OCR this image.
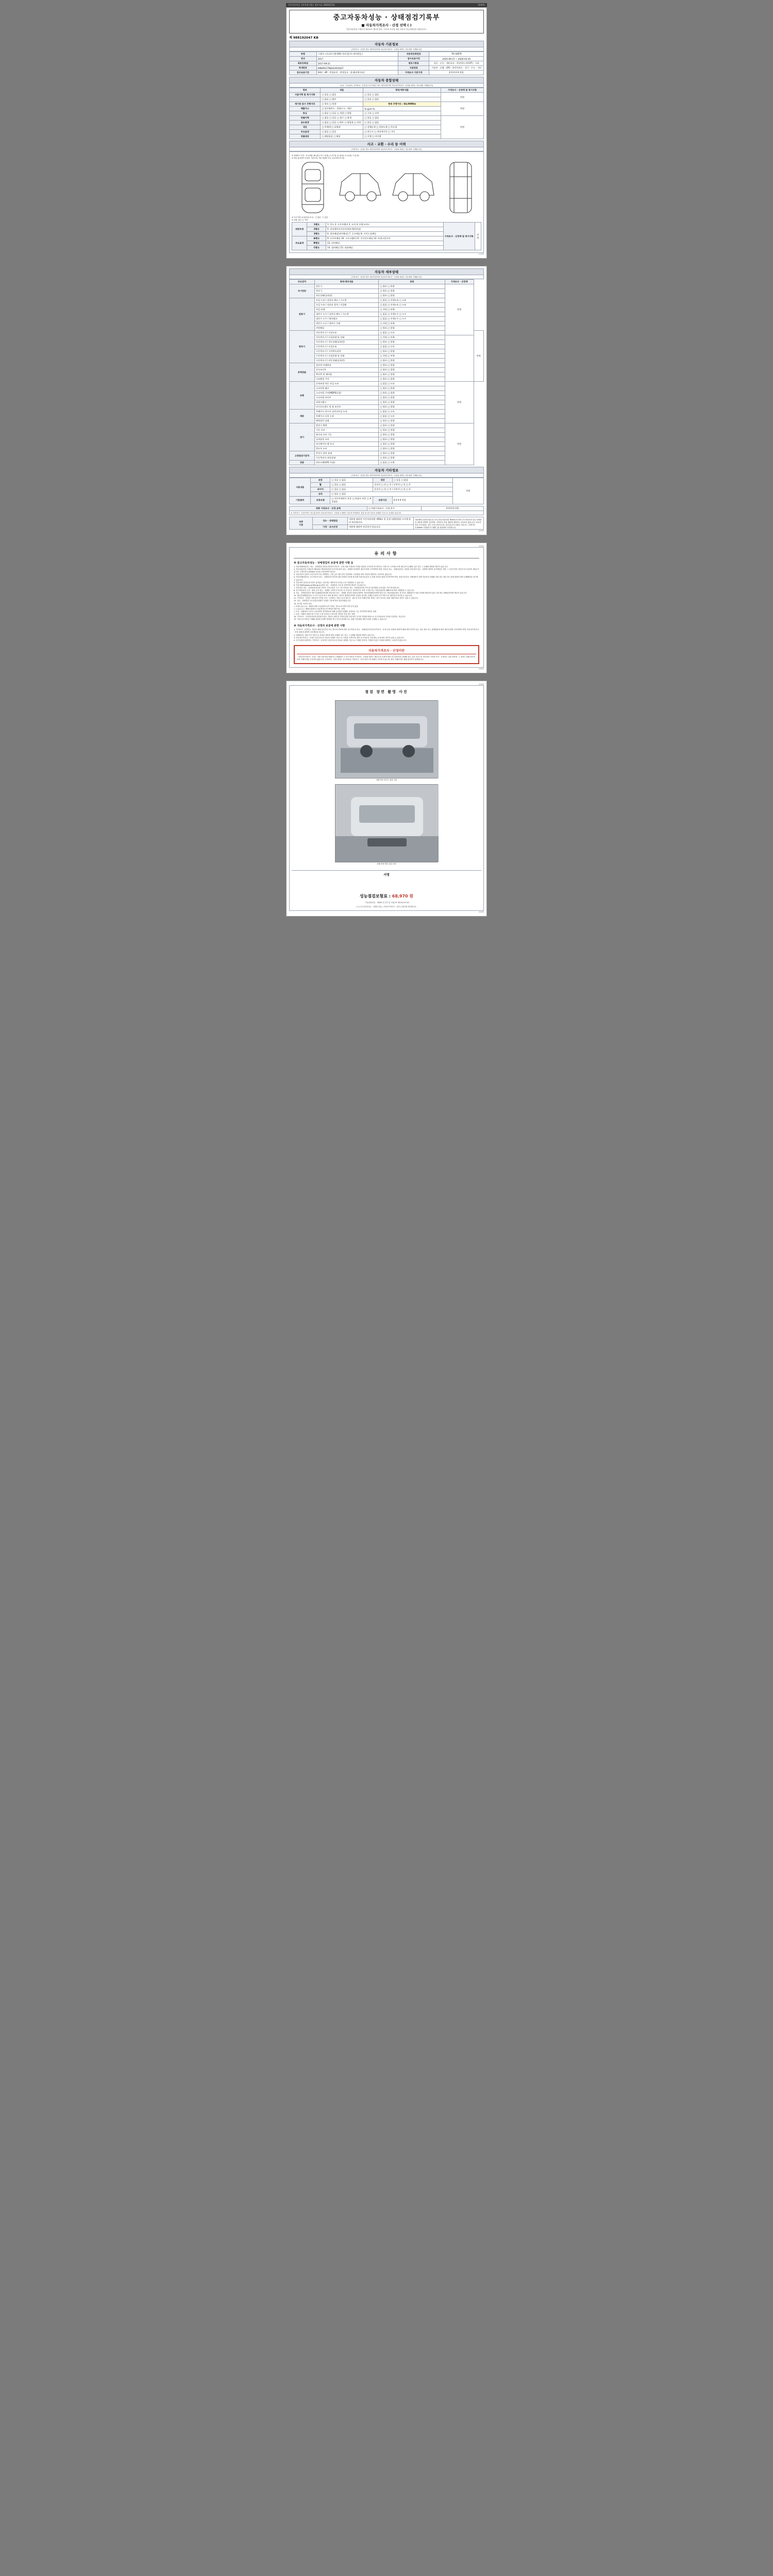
자동차등록증 사본보관 (별도 첨부서류 2020/1/13)	(1/4면)
중고자동차성능 · 상태점검기록부
■ 자동차가격조사 · 산정 선택 ( )
자동차관리법 시행규칙 제120조 제1항 관련 / 소비자 보호를 위한 자동차 성능상태점검 내용입니다.
제 988192047 KB
자동차 기본정보
(가격조사 · 산정은 별도 계약사항이며 자동차가격조사 · 산정을 원하는 경우에만 기재합니다)
차명	그랜저 스포츠(그랜저HG 산타일(구)-내비형일.)	자동차등록번호	76서4879
연식	2017	검사유효기간	2025-09-21 ~ 2026-03-30
최초등록일	2017-09-21	변속기종류	자동 · 수동 · 세미오토 · 무단변속기(CVT) · 기타
차대번호	KMHM1CTNDHU910047	사용연료	가솔린 · 디젤 · LPG · 하이브리드 · 전기 · 수소 · 기타
검사유효기간	04단 · 8P · 변경유무 · 변경일자 · 현재(주행거리)	가격조사 기준가격	0 0 0 0 0 만원
자동차 종합상태
(주요 · 주요골조, 가격조사 · 산정 및 특기사항은 별도 계약사항이며 자동차가격조사 · 산정을 원하는 경우에만 기재합니다)
항목	내용	항목/세부내용	가격조사 · 산정액 및 특기사항
사용이력 및 특기사항	□ 있음 □ 없음	□ 있음 □ 없음	만원
	□ 없음 □ 렌트	□ 있음 □ 없음	
계기판 표시 주행거리	□ 양호 □ 불량	현재 주행거리 : 84,009Km	만원
배출가스	□ 일산화탄소 · 탄화수소 · 매연	% ppm %	
튜닝	□ 없음 □ 있음 □ 적법 □ 불법	□ 구조 □ 장치	
특별이력	□ 없음 □ 있음 □ 침수 □ 화재	□ 있음 □ 없음	만원
용도변경	□ 없음 □ 있음 □ 렌트 □ 영업용 □ 관용	□ 있음 □ 없음	
색상	□ 무채색 □ 유채색	□ 전체도색 □ 부분도색 □ 무도색	
주요옵션	□ 없음 □ 있음	□ 썬루프 □ 내비게이션 □ 기타	
리콜대상	□ 해당없음 □ 해당	□ 이행 □ 미이행	
사고 · 교환 · 수리 등 이력
(가격조사 · 산정은 별도 계약사항이며 자동차가격조사 · 산정을 원하는 경우에만 기재합니다)
※ 상태표시 부호 : X (교환), W (판금 또는 용접), C (부식), A (흠집), U (요철), T (손상)
※ 하단 참조하여 승용차 기준이며, 기타 차량의 경우 유사하게 표시함
※ 사고이력 (교차/부위 표시) □ 없음 □ 있음
※ 교환, 판금 등 이력
외판부위	1랭크	1. 후드 2. 프론트팬더 3. 도어 4. 트렁크리드	가격조사 · 산정액 및 특기사항	만원
	2랭크	5. 라디에이터서포트(볼트체결부품)		
	3랭크	6. 쿼터패널(리어팬더) 7. 루프패널 8. 사이드실패널		
주요골격	A랭크	9. 프론트패널 10. 크로스멤버 11. 인사이드패널 12. 트렁크플로어		
	B랭크	13. 리어패널		
	C랭크	14. 필러패널 15. 대쉬패널		
(1/4면)
자동차 세부상태
(가격조사 · 산정은 별도 계약사항이며 자동차가격조사 · 산정을 원하는 경우에만 기재합니다)
주요장치	항목/세부내용	상태	가격조사 · 산정액	
자기진단	원동기	□ 양호 □ 불량	만원	
	변속기	□ 양호 □ 불량		
	작동상태(공회전)	□ 양호 □ 불량		
원동기	오일 누유 / 실린더 헤드 / 가스켓	□ 없음 □ 미세누유 □ 누유		
	오일 누유 / 실린더 블록 / 오일팬	□ 없음 □ 미세누유 □ 누유		
	오일 유량	□ 적정 □ 부족		
	냉각수 누수 / 실린더 헤드 / 가스켓	□ 없음 □ 미세누수 □ 누수		
	냉각수 누수 / 워터펌프	□ 없음 □ 미세누수 □ 누수		
	냉각수 누수 / 냉각수 수량	□ 적정 □ 부족		
	커먼레일	□ 양호 □ 불량		
변속기	자동변속기 / 오일누유	□ 없음 □ 누유		만원
	자동변속기 / 오일유량 및 상태	□ 적정 □ 부족		
	자동변속기 / 작동상태(공회전)	□ 양호 □ 불량		
	수동변속기 / 오일누유	□ 없음 □ 누유		
	수동변속기 / 기어변속장치	□ 양호 □ 불량		
	수동변속기 / 오일유량 및 상태	□ 적정 □ 부족		
	수동변속기 / 작동상태(공회전)	□ 양호 □ 불량		
동력전달	클러치 어셈블리	□ 양호 □ 불량		
	등속조인트	□ 양호 □ 불량		
	추진축 및 베어링	□ 양호 □ 불량		
	디퍼렌셜 기어	□ 양호 □ 불량		
조향	동력조향 작동 오일 누유	□ 없음 □ 누유	만원	
	스티어링 펌프	□ 양호 □ 불량		
	스티어링 기어(MDPS포함)	□ 양호 □ 불량		
	스티어링 조인트	□ 양호 □ 불량		
	파워크랭크	□ 양호 □ 불량		
	타이로드엔드 및 볼 조인트	□ 양호 □ 불량		
제동	브레이크 마스터 실린더오일 누유	□ 없음 □ 누유		
	브레이크 오일 누유	□ 없음 □ 누유		
	배력장치 상태	□ 양호 □ 불량		
전기	발전기 출력	□ 양호 □ 불량	만원	
	시동 모터	□ 양호 □ 불량		
	와이퍼 모터 기능	□ 양호 □ 불량		
	실내송풍 모터	□ 양호 □ 불량		
	라디에이터 팬 모터	□ 양호 □ 불량		
	윈도우 모터	□ 양호 □ 불량		
고전원전기장치	충전구 절연 상태	□ 양호 □ 불량		
	구동축전지 격리상태	□ 양호 □ 불량		
연료	연료누출(LPG 포함)	□ 없음 □ 누출		
자동차 기타정보
(가격조사 · 산정은 별도 계약사항이며 자동차가격조사 · 산정을 원하는 경우에만 기재합니다)
사용내용	외장	□ 있음 □ 없음	내장	□ 있음 □ 없음	만원
	휠	□ 있음 □ 없음	운전석 □ 전 □ 후 / 동반석 □ 전 □ 후		
	타이어	□ 있음 □ 없음	운전석 □ 전 □ 후 / 동반석 □ 전 □ 후		
	유리	□ 있음 □ 없음			
기본품목	보증유형	□ 자동차제작사 보증 □ 보험사 보증 □ 보증없음	보증기간	0 0 0 0 만원	
최종 가격조사 · 산정 금액	□ 차량가격조사 · 산정 불가	0 0 0 0 만원
※ 가격조사 · 산정가격은 성능점검자가 자동차가격조사 · 산정을 요청받은 경우에 작성하며, 점검 당시의 자동차 상태를 기준으로 산정한 것입니다.
보증
구분	성능 · 상태점검	내용에 대하여 자동차관리법 제58조 및 공정거래위원회 고시에 따라 보증합니다.	내차팔때 검증/안내/무상 검사 (자동차관리법 제58조)에 따라 중고자동차의 성능·상태점검 내용에 대하여 보증하며, 가격조사·산정 내용에 대하여는 보증하지 않습니다. 보증내용과 보증범위는 별도 보증서에 따르며, 점검일로부터 30일 이내 또는 주행거리 2,000km 이내(먼저 도래한 것) 범위에서 보증합니다.
	가격 · 조사산정	내용에 대하여 보증하지 않습니다.	
(2/4면)
(3/4면)
유의사항
※ 중고자동차성능 · 상태점검자 보증에 관한 사항 등
1. 자동차매매업자는 성능 · 상태점검기록부(자동차가격조사 · 산정 내용 포함)에 기재된 내용을 고지하지 아니하거나 거짓으로 고지했으로써 매수인이 손해를 입은 경우 그 손해를 배상할 책임이 있습니다.
2. 자동차관리법 시행규칙 제120조 제1항에 따라 중고자동차의 성능 · 상태를 점검하여 매수인에게 고지하여야 하며, 자동차 성능 · 상태점검자는 점검한 자동차의 성능 · 상태에 대하여 보증책임을 지며, 그 보증기간은 자동차 인도일부터 30일 이상 또는 주행거리 2,000km 이상을 보증하여야 합니다.
3. 자동차인도일부터 보증기간이 지나 발생하는 고장 등은 매수인이 부담하며, 보증범위 외의 사항에 대하여는 보증하지 않습니다.
4. 자동차매매업자는 중고자동차 성능 · 상태점검기록부를 매수인에게 교부할 때 현재 자동차등록증 등 관계 서류를 함께 교부하여야 하며, 점검기록부의 기재내용이 실제 자동차의 상태와 다를 경우 매수인은 관계 법령에 따라 손해배상을 청구할 수 있습니다.
5. 자동차의 품질보증기간이 남아있는 경우에는 제작사의 보증을 우선 적용받을 수 있습니다.
6. 자동차365(www.car365.go.kr)에서 성능 · 상태점검 기록 및 정비이력 확인이 가능합니다.
7. 자동차의 성능 · 상태점검에 관한 사항은 국토교통부 고시 '중고자동차 성능 · 상태점검자의 자격 및 점검방법 등에 관한 기준'에 따릅니다.
8. 중고자동차의 구조 · 장치 등의 성능 · 상태를 고지하지 아니한 자 거짓으로 점검하거나 자격 고지한 자는 자동차관리법 제80조에 따라 처벌받을 수 있습니다.
9. 성능 · 상태점검자가 매도인(매매업자)에게 자동차의 성능 · 상태를 점검한 내용에 대하여 자동차매매업자에게 법정 준수 제공하였음에도 불구하고 매매업자가 매수인에게 제공하지 않은 경우에는 매매업자에게 책임이 있습니다.
10. 매수인(매매업자)은 시고지 기준이 되고 싶어 확인되는 정보의 범위에 한하여 점검한 것이며, 은폐된 부위의 사고이력 등은 확인되지 아니할 수 있습니다.
11. 가격조사 · 산정은 자동차의 가격을 조사 · 산정하는 서비스로서 매도인 · 매수인 간의 거래가격을 정하는 것이 아니며, 실제 거래가격과 차이가 있을 수 있습니다.
12. 성능 · 상태점검 국토교통부장관이 인정한 기준에 따라 점검하였습니다.
13. 표기된 기호의 의미
○ 미세누유(누수) : 해당부위에 오일(냉각수)이 비치는 정도로서 바닥 낙하 흔적 없음
○ 누유(누수) : 해당부위에서 오일(냉각수)이 맺혀서 떨어지는 상태
○ 부식 : 차량에서 부식이 금속표면이 화학반응에 의해 손상되어 원래의 성질보다 기능 현격하게 떨어진 상태
○ 긁음 : 차량의 외판도장, 부식은 도장 및 판금 등에 의한 경미한 흔집 정도 상태
14. 가격조사 · 산정자(자동차진단평가사)는 자동차 상태 및 가격에 관한 전문적인 지식과 경험을 바탕으로 중고자동차의 가치를 산정하는 자입니다.
15. 기타 중고자동차 거래와 관련한 분쟁이 발생한 경우 한국소비자원 또는 관할 지자체에 상담·조정을 신청할 수 있습니다.
※ 자동차가격조사 · 산정자 보증에 관한 사항
1. 가격조사 · 산정자는 자동차 매매 알선기준 또는 별도의 의뢰에 따라 중고자동차 성능 · 상태점검기록부(가격조사 · 산정 부분 포함)에 대하여 매매 계약 성격이 있는 경우 매수 또는 관계법령에 따라 매수인에게 고지하여야 하며, 자동차가격조사 · 산정 내용에 대하여 보증책임을 집니다.
2. 매매업자는 매수인이 거짓으로 산정된 내용에 따라 손해를 입은 경우 그 손해를 배상할 책임이 있습니다.
3. 자동차가격조사 · 산정은 점검 당시의 자동차 상태를 기준으로 산정한 가격이며, 향후 중고자동차 시세 변동 등에 따라 차이가 있을 수 있습니다.
4. 특기사항에 대하여는 가격조사 · 산정자가 점검 당시의 자동차 상태를 기준으로 기재한 것이며, 기재되지 않은 사항에 대하여는 보증하지 않습니다.
자동차가격조사 · 산정이란
「자동차가격조사 · 산정」이란 자동차의 매매 또는 매매알선 시 중고자동차 가격조사 · 산정을 원하는 매수인의 요청에 따라 중고자동차의 상태와 성능 등을 기준으로 자동차의 가격을 조사 · 산정하는 것을 말하며, 그 결과는 매매 당사자 간의 거래가격을 구속하지 않습니다. 가격조사 · 산정 결과는 중고자동차 가격조사 · 산정 서비스에 의해서 구속하지 않으며, 최종 거래가격은 매매 당사자가 결정합니다.
(3/4면)
(4/4면)
점검 장면 촬영 사진
차량 하부 리프트 점검 사진
차량 후면 하부 점검 사진
서명
성능점검보험료 : 68,970 원
「자동차관리법」 제58조 및 같은 법 시행규칙 제120조에 따라
[ 1 ] 중고자동차성능 · 상태를 점검, [ 자동차가격조사 · 산정 ] 사항임을 확인합니다.
(4/4면)
